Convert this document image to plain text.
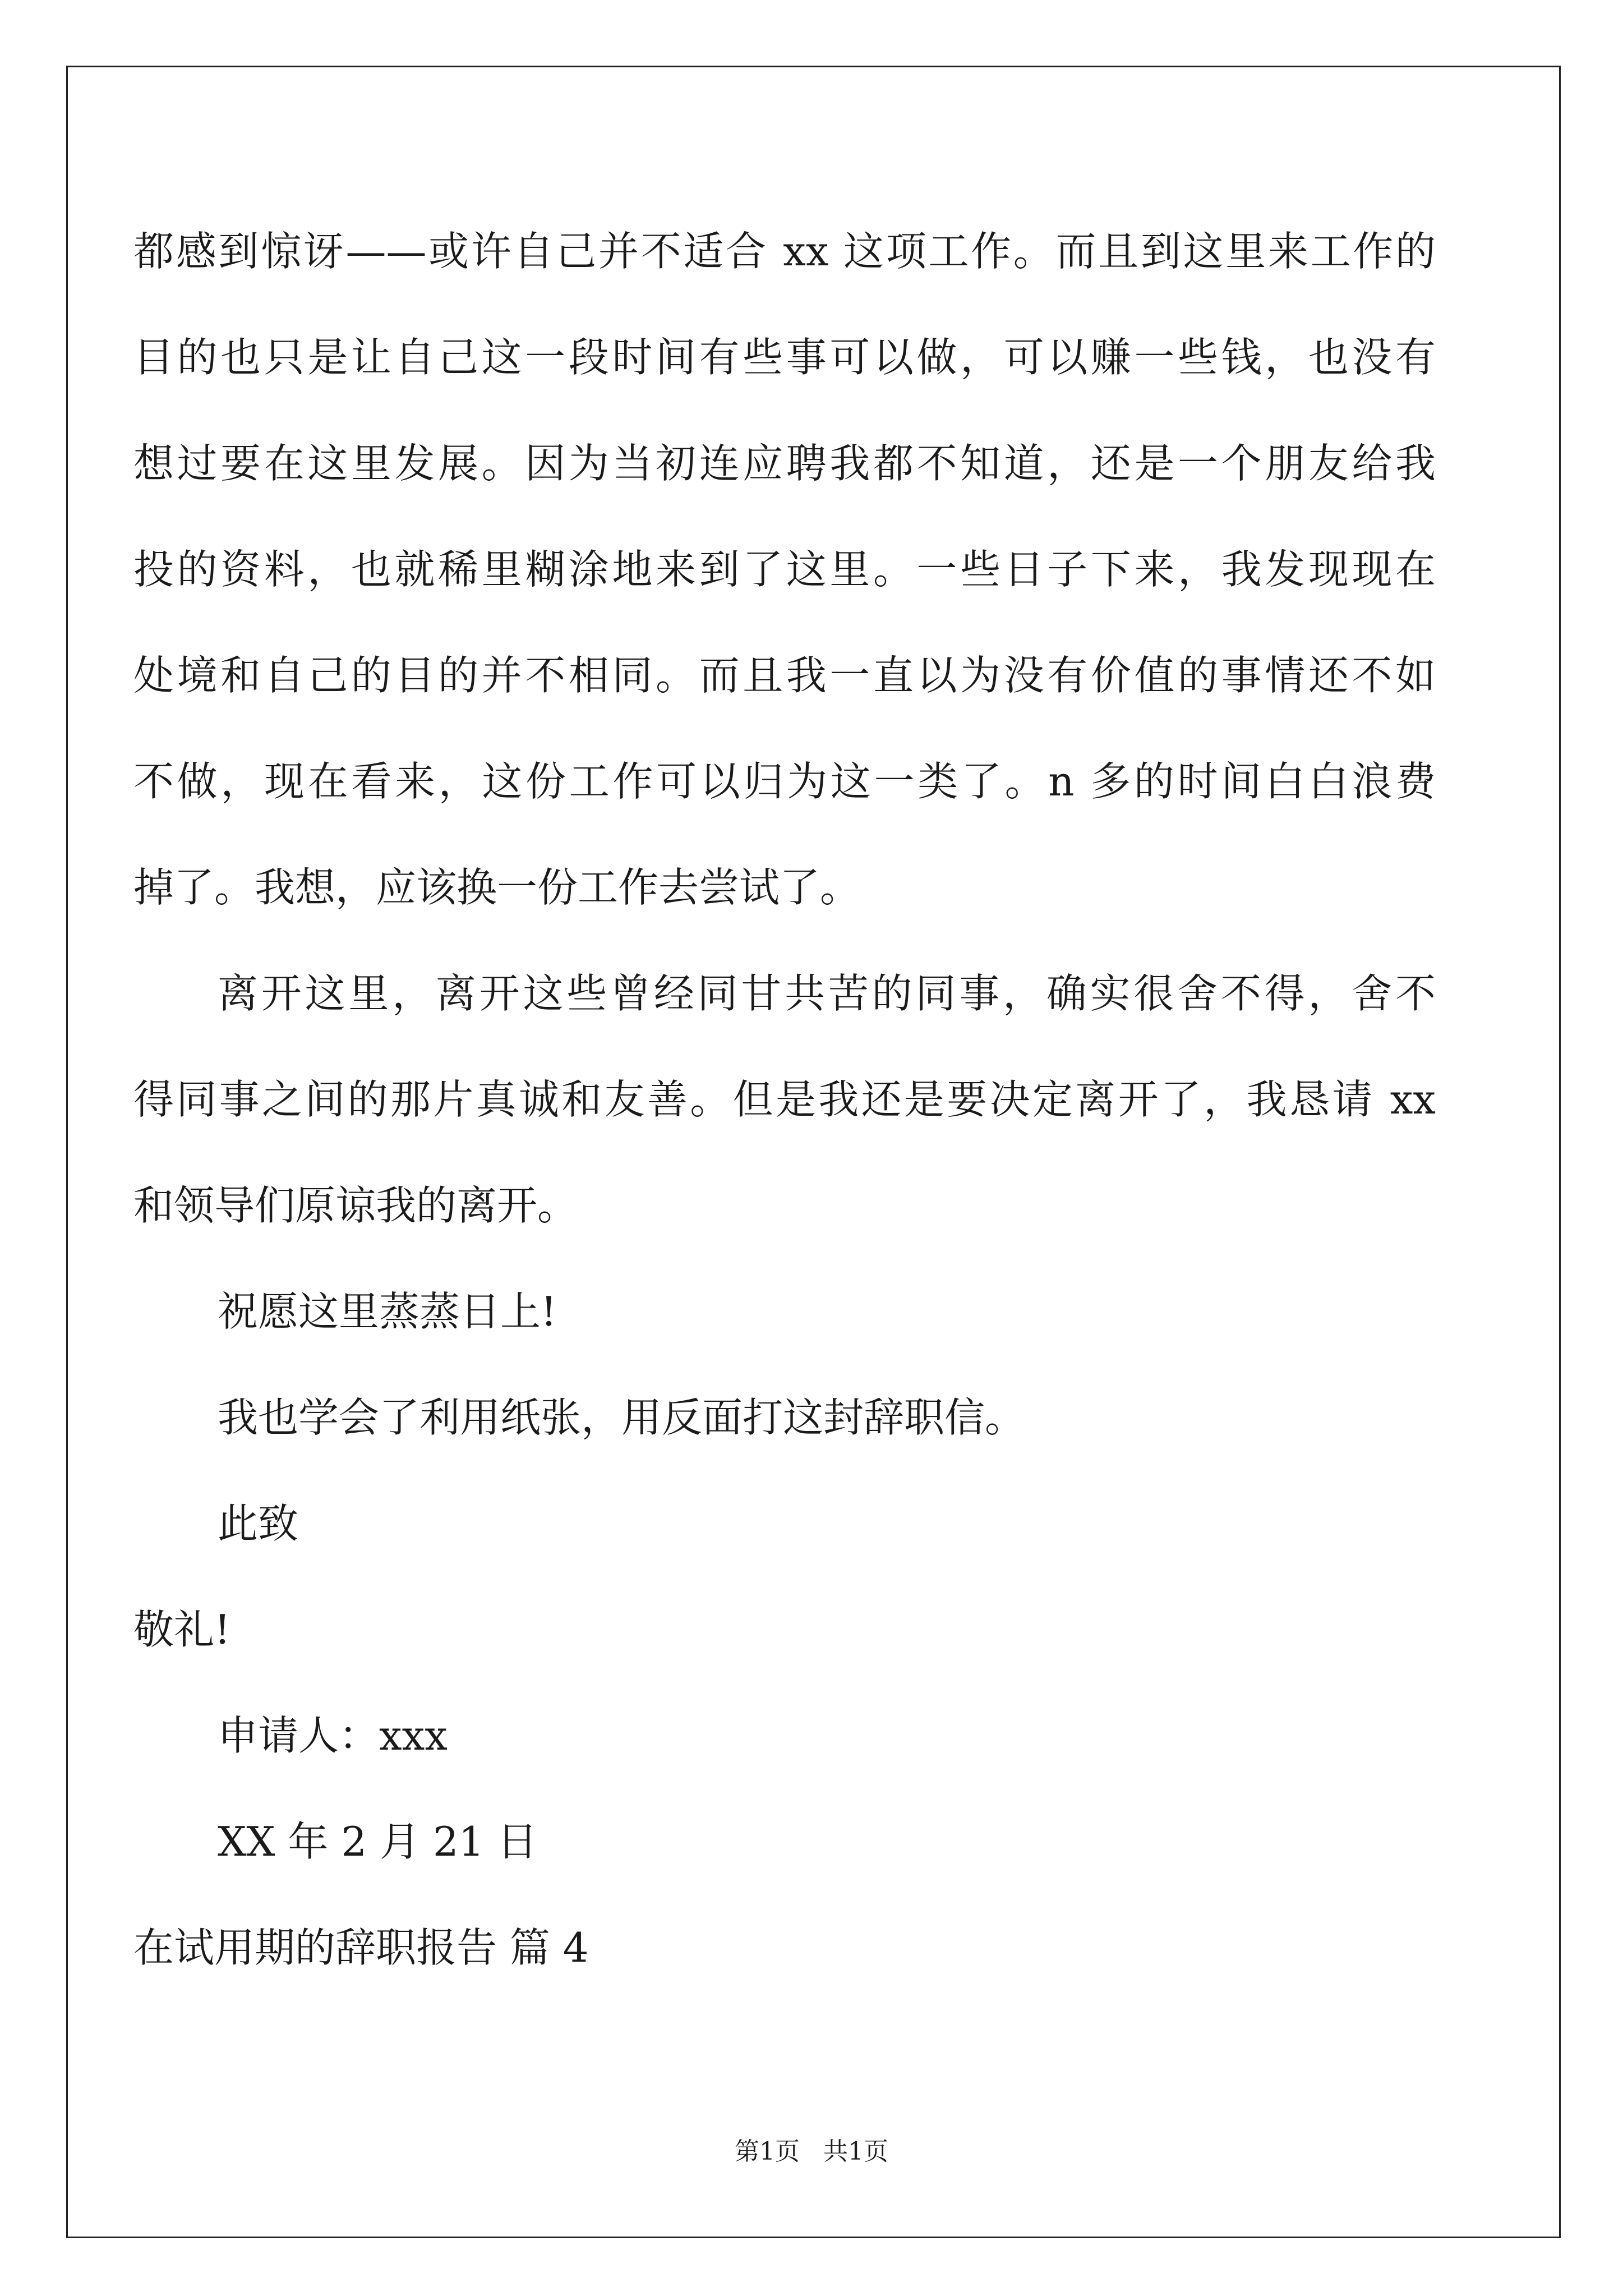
都感到惊讶——或许自己并不适合 xx 这项工作。而且到这里来工作的
目的也只是让自己这一段时间有些事可以做，可以赚一些钱，也没有
想过要在这里发展。因为当初连应聘我都不知道，还是一个朋友给我
投的资料，也就稀里糊涂地来到了这里。一些日子下来，我发现现在
处境和自己的目的并不相同。而且我一直以为没有价值的事情还不如
不做，现在看来，这份工作可以归为这一类了。n 多的时间白白浪费
掉了。我想，应该换一份工作去尝试了。
离开这里，离开这些曾经同甘共苦的同事，确实很舍不得，舍不
得同事之间的那片真诚和友善。但是我还是要决定离开了，我恳请 xx
和领导们原谅我的离开。
祝愿这里蒸蒸日上!
我也学会了利用纸张，用反面打这封辞职信。
此致
敬礼!
申请人：xxx
XX 年 2 月 21 日
在试用期的辞职报告 篇 4
第1页   共1页
